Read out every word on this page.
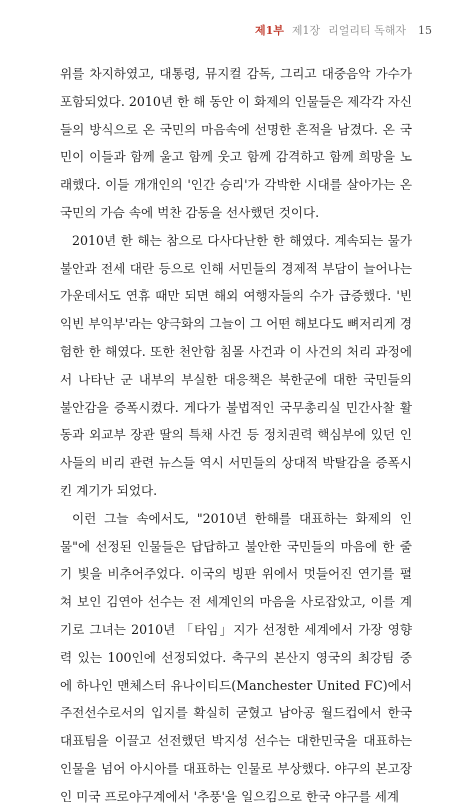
제1부 제1장 리얼리티 독해자 15

위를 차지하였고, 대통령, 뮤지컬 감독, 그리고 대중음악 가수가 포함되었다. 2010년 한 해 동안 이 화제의 인물들은 제각각 자신들의 방식으로 온 국민의 마음속에 선명한 흔적을 남겼다. 온 국민이 이들과 함께 울고 함께 웃고 함께 감격하고 함께 희망을 노래했다. 이들 개개인의 '인간 승리'가 각박한 시대를 살아가는 온 국민의 가슴 속에 벅찬 감동을 선사했던 것이다.

2010년 한 해는 참으로 다사다난한 한 해였다. 계속되는 물가 불안과 전세 대란 등으로 인해 서민들의 경제적 부담이 늘어나는 가운데서도 연휴 때만 되면 해외 여행자들의 수가 급증했다. '빈익빈 부익부'라는 양극화의 그늘이 그 어떤 해보다도 뼈저리게 경험한 한 해였다. 또한 천안함 침몰 사건과 이 사건의 처리 과정에서 나타난 군 내부의 부실한 대응책은 북한군에 대한 국민들의 불안감을 증폭시켰다. 게다가 불법적인 국무총리실 민간사찰 활동과 외교부 장관 딸의 특채 사건 등 정치권력 핵심부에 있던 인사들의 비리 관련 뉴스들 역시 서민들의 상대적 박탈감을 증폭시킨 계기가 되었다.

이런 그늘 속에서도, "2010년 한해를 대표하는 화제의 인물"에 선정된 인물들은 답답하고 불안한 국민들의 마음에 한 줄기 빛을 비추어주었다. 이국의 빙판 위에서 멋들어진 연기를 펼쳐 보인 김연아 선수는 전 세계인의 마음을 사로잡았고, 이를 계기로 그녀는 2010년 「타임」지가 선정한 세계에서 가장 영향력 있는 100인에 선정되었다. 축구의 본산지 영국의 최강팀 중에 하나인 맨체스터 유나이티드(Manchester United FC)에서 주전선수로서의 입지를 확실히 굳혔고 남아공 월드컵에서 한국 대표팀을 이끌고 선전했던 박지성 선수는 대한민국을 대표하는 인물을 넘어 아시아를 대표하는 인물로 부상했다. 야구의 본고장인 미국 프로야구계에서 '추풍'을 일으킴으로 한국 야구를 세계
